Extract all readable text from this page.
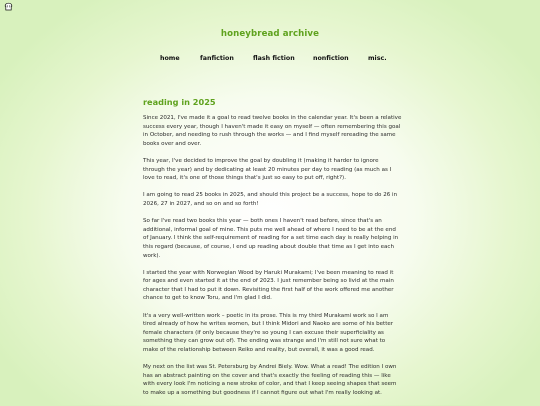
honeybread archive
home	fanfiction	flash fiction	nonfiction	misc.
reading in 2025

Since 2021, I've made it a goal to read twelve books in the calendar year. It's been a relative success every year, though I haven't made it easy on myself — often remembering this goal in October, and needing to rush through the works — and I find myself rereading the same books over and over.

This year, I've decided to improve the goal by doubling it (making it harder to ignore through the year) and by dedicating at least 20 minutes per day to reading (as much as I love to read, it's one of those things that's just so easy to put off, right?).

I am going to read 25 books in 2025, and should this project be a success, hope to do 26 in 2026, 27 in 2027, and so on and so forth!

So far I've read two books this year — both ones I haven't read before, since that's an additional, informal goal of mine. This puts me well ahead of where I need to be at the end of January. I think the self-requirement of reading for a set time each day is really helping in this regard (because, of course, I end up reading about double that time as I get into each work).

I started the year with Norwegian Wood by Haruki Murakami; I've been meaning to read it for ages and even started it at the end of 2023. I just remember being so livid at the main character that I had to put it down. Revisiting the first half of the work offered me another chance to get to know Toru, and I'm glad I did.

It's a very well-written work – poetic in its prose. This is my third Murakami work so I am tired already of how he writes women, but I think Midori and Naoko are some of his better female characters (if only because they're so young I can excuse their superficiality as something they can grow out of). The ending was strange and I'm still not sure what to make of the relationship between Reiko and reality, but overall, it was a good read.

My next on the list was St. Petersburg by Andrei Biely. Wow. What a read! The edition I own has an abstract painting on the cover and that's exactly the feeling of reading this — like with every look I'm noticing a new stroke of color, and that I keep seeing shapes that seem to make up a something but goodness if I cannot figure out what I'm really looking at.
